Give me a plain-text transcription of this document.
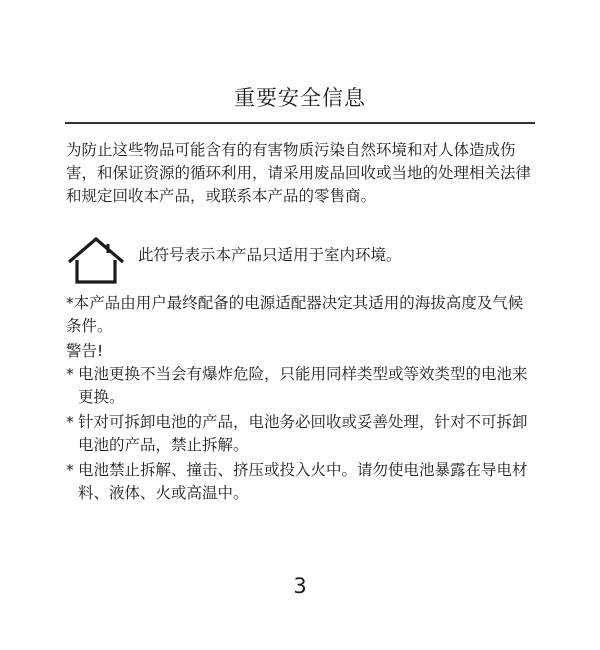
重要安全信息
为防止这些物品可能含有的有害物质污染自然环境和对人体造成伤害，和保证资源的循环利用，请采用废品回收或当地的处理相关法律和规定回收本产品，或联系本产品的零售商。
此符号表示本产品只适用于室内环境。
*本产品由用户最终配备的电源适配器决定其适用的海拔高度及气候条件。
警告!
* 电池更换不当会有爆炸危险，只能用同样类型或等效类型的电池来更换。
* 针对可拆卸电池的产品，电池务必回收或妥善处理，针对不可拆卸电池的产品，禁止拆解。
* 电池禁止拆解、撞击、挤压或投入火中。请勿使电池暴露在导电材料、液体、火或高温中。
3
